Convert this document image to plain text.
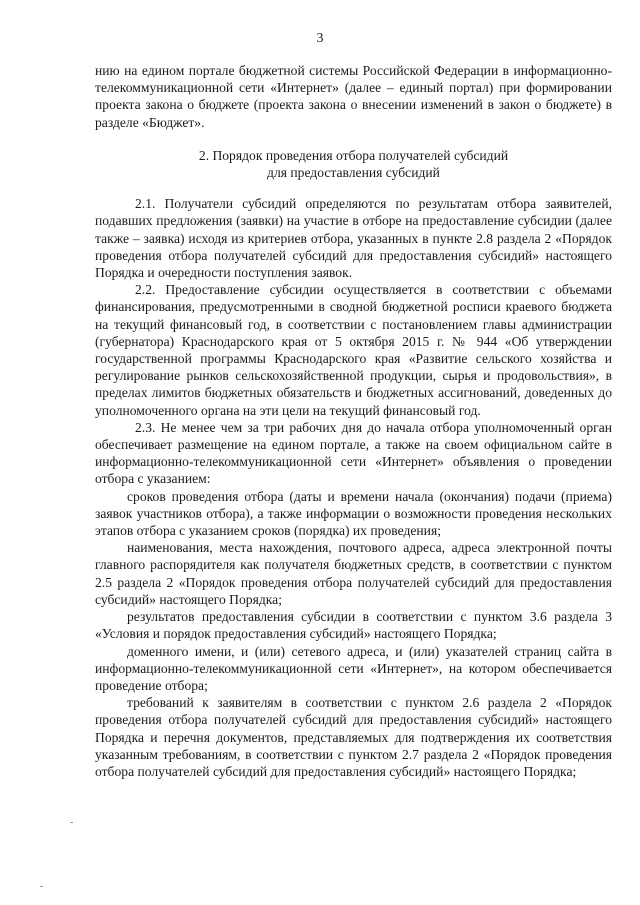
3

нию на едином портале бюджетной системы Российской Федерации в информационно-телекоммуникационной сети «Интернет» (далее – единый портал) при формировании проекта закона о бюджете (проекта закона о внесении изменений в закон о бюджете) в разделе «Бюджет».

2. Порядок проведения отбора получателей субсидий
для предоставления субсидий

2.1. Получатели субсидий определяются по результатам отбора заявителей, подавших предложения (заявки) на участие в отборе на предоставление субсидии (далее также – заявка) исходя из критериев отбора, указанных в пункте 2.8 раздела 2 «Порядок проведения отбора получателей субсидий для предоставления субсидий» настоящего Порядка и очередности поступления заявок.

2.2. Предоставление субсидии осуществляется в соответствии с объемами финансирования, предусмотренными в сводной бюджетной росписи краевого бюджета на текущий финансовый год, в соответствии с постановлением главы администрации (губернатора) Краснодарского края от 5 октября 2015 г. № 944 «Об утверждении государственной программы Краснодарского края «Развитие сельского хозяйства и регулирование рынков сельскохозяйственной продукции, сырья и продовольствия», в пределах лимитов бюджетных обязательств и бюджетных ассигнований, доведенных до уполномоченного органа на эти цели на текущий финансовый год.

2.3. Не менее чем за три рабочих дня до начала отбора уполномоченный орган обеспечивает размещение на едином портале, а также на своем официальном сайте в информационно-телекоммуникационной сети «Интернет» объявления о проведении отбора с указанием:

сроков проведения отбора (даты и времени начала (окончания) подачи (приема) заявок участников отбора), а также информации о возможности проведения нескольких этапов отбора с указанием сроков (порядка) их проведения;

наименования, места нахождения, почтового адреса, адреса электронной почты главного распорядителя как получателя бюджетных средств, в соответствии с пунктом 2.5 раздела 2 «Порядок проведения отбора получателей субсидий для предоставления субсидий» настоящего Порядка;

результатов предоставления субсидии в соответствии с пунктом 3.6 раздела 3 «Условия и порядок предоставления субсидий» настоящего Порядка;

доменного имени, и (или) сетевого адреса, и (или) указателей страниц сайта в информационно-телекоммуникационной сети «Интернет», на котором обеспечивается проведение отбора;

требований к заявителям в соответствии с пунктом 2.6 раздела 2 «Порядок проведения отбора получателей субсидий для предоставления субсидий» настоящего Порядка и перечня документов, представляемых для подтверждения их соответствия указанным требованиям, в соответствии с пунктом 2.7 раздела 2 «Порядок проведения отбора получателей субсидий для предоставления субсидий» настоящего Порядка;
